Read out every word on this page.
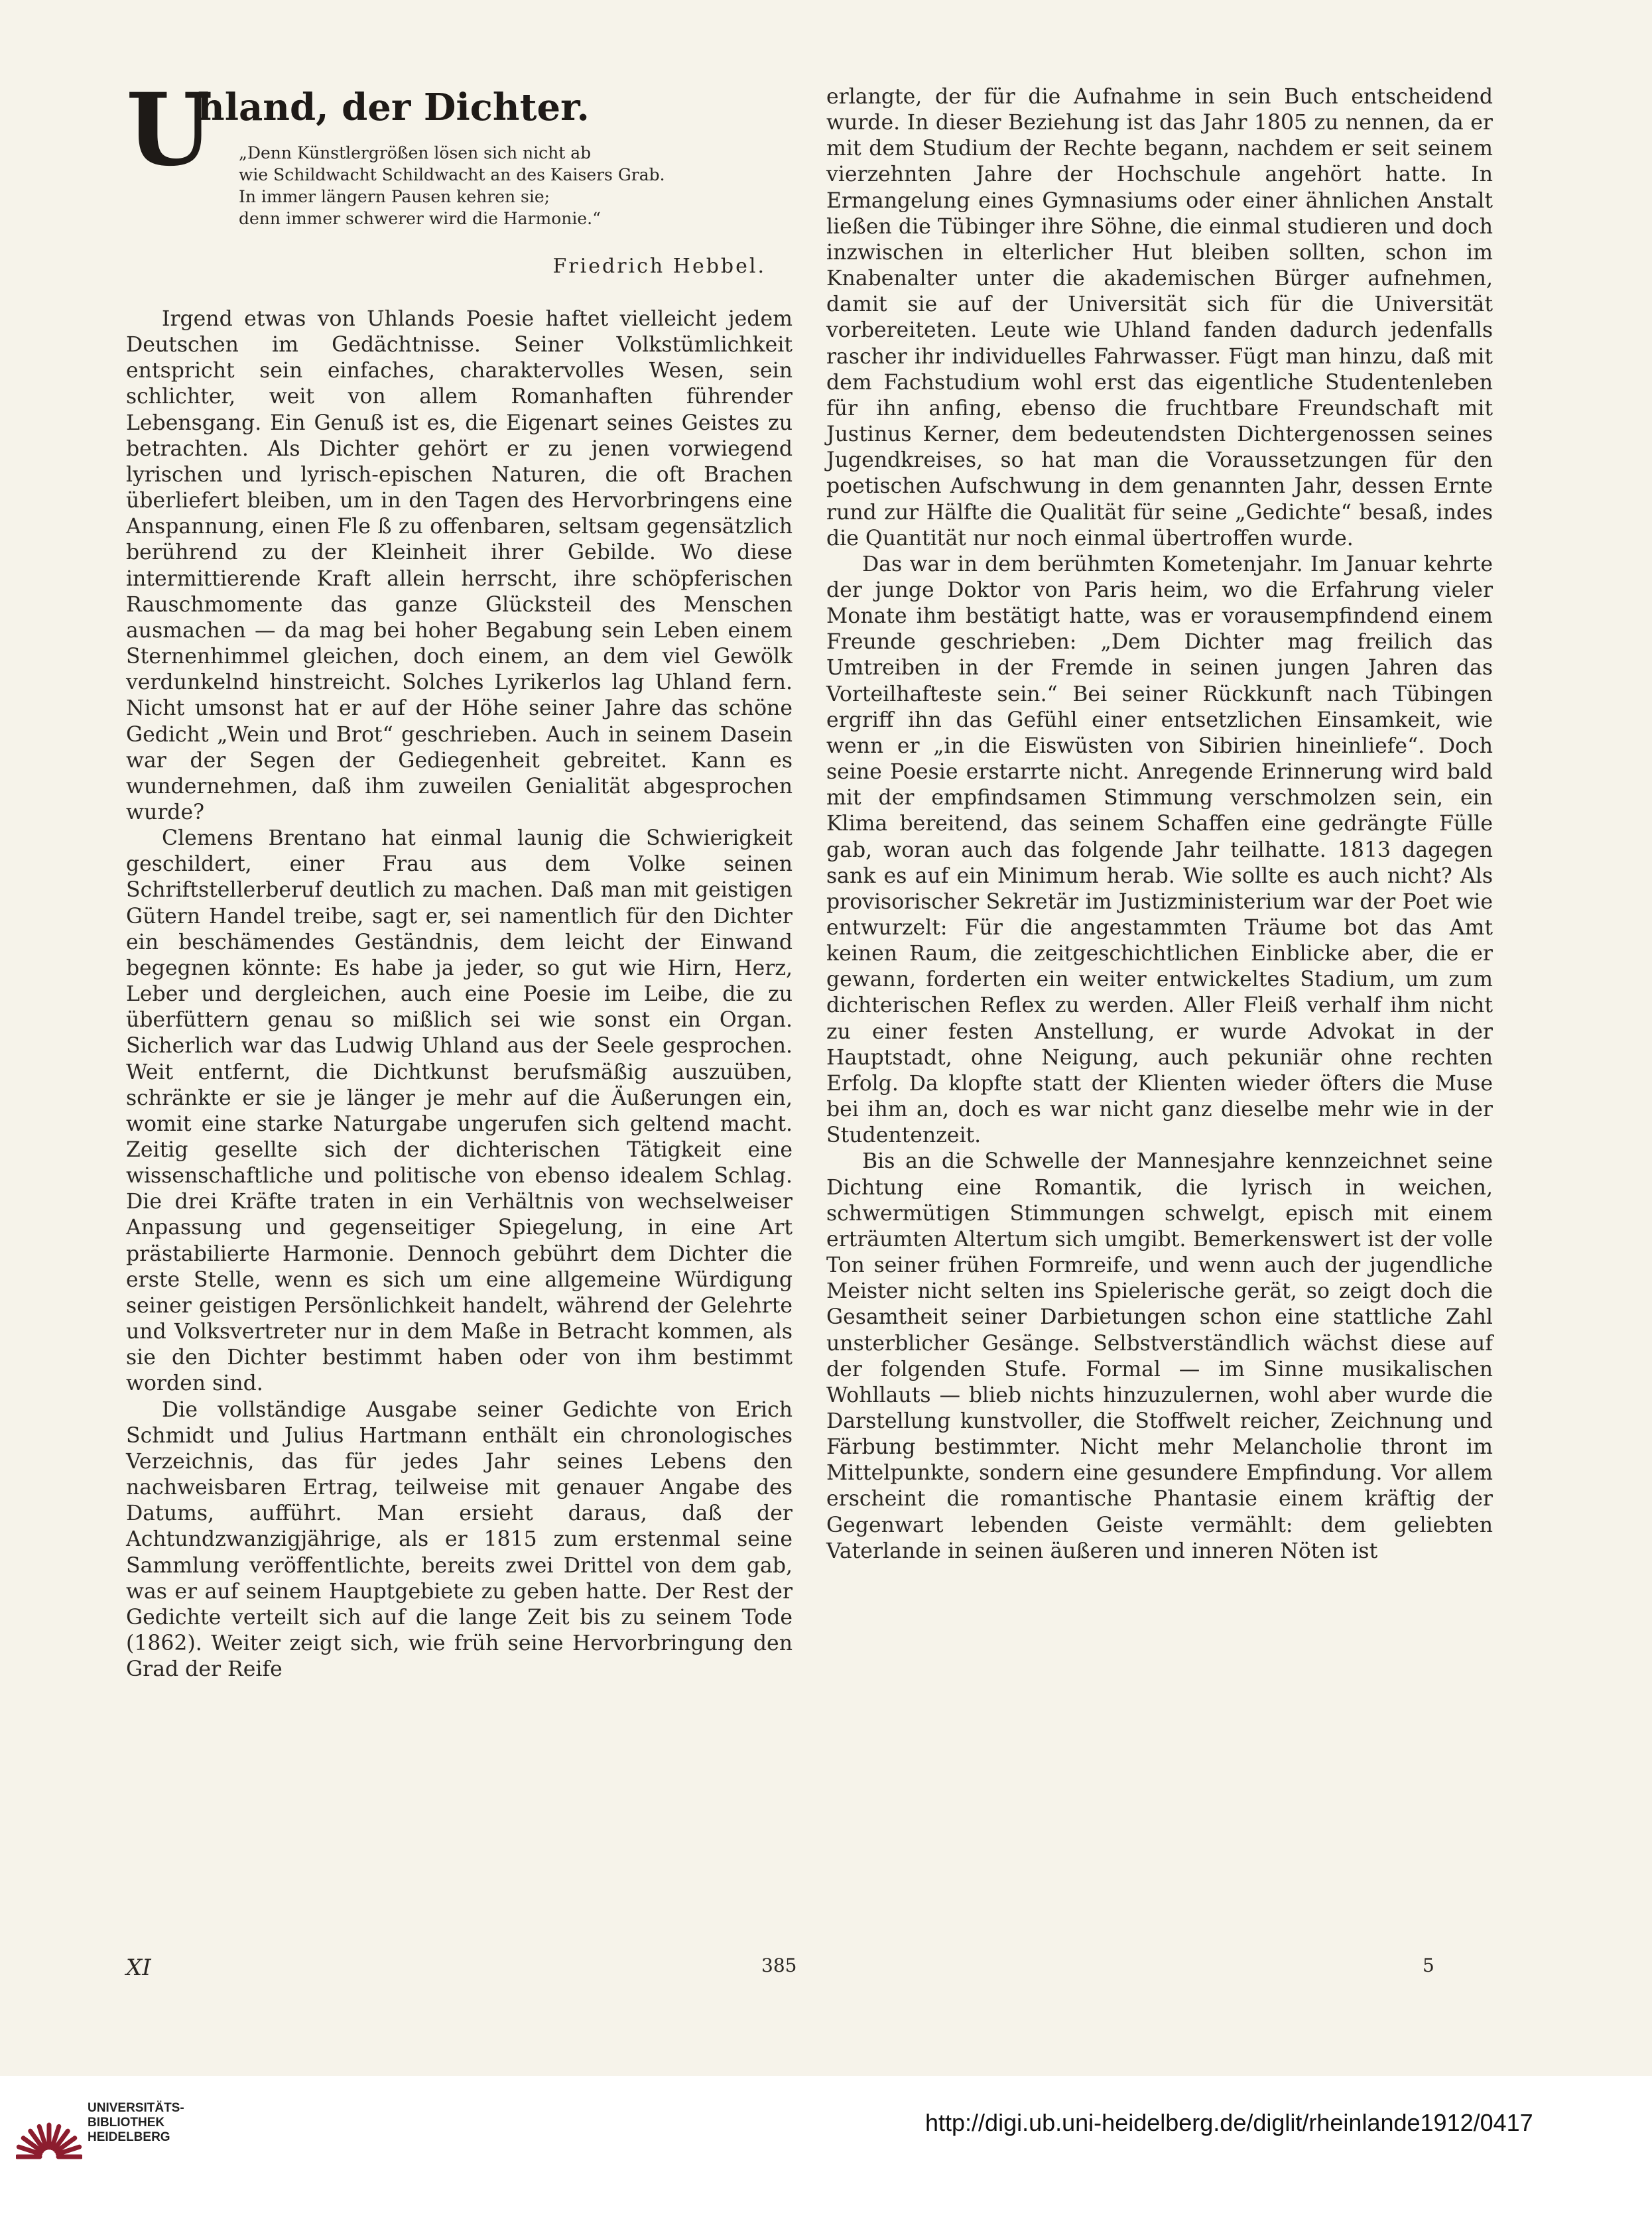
U
hland, der Dichter.
„Denn Künstlergrößen lösen sich nicht ab
wie Schildwacht Schildwacht an des Kaisers Grab.
In immer längern Pausen kehren sie;
denn immer schwerer wird die Harmonie.“
Friedrich Hebbel.

Irgend etwas von Uhlands Poesie haftet vielleicht jedem Deutschen im Gedächtnisse. Seiner Volkstümlichkeit entspricht sein einfaches, charaktervolles Wesen, sein schlichter, weit von allem Romanhaften führender Lebensgang. Ein Genuß ist es, die Eigenart seines Geistes zu betrachten. Als Dichter gehört er zu jenen vorwiegend lyrischen und lyrisch-epischen Naturen, die oft Brachen überliefert bleiben, um in den Tagen des Hervorbringens eine Anspannung, einen Fle ß zu offenbaren, seltsam gegensätzlich berührend zu der Kleinheit ihrer Gebilde. Wo diese intermittierende Kraft allein herrscht, ihre schöpferischen Rauschmomente das ganze Glücksteil des Menschen ausmachen — da mag bei hoher Begabung sein Leben einem Sternenhimmel gleichen, doch einem, an dem viel Gewölk verdunkelnd hinstreicht. Solches Lyrikerlos lag Uhland fern. Nicht umsonst hat er auf der Höhe seiner Jahre das schöne Gedicht „Wein und Brot“ geschrieben. Auch in seinem Dasein war der Segen der Gediegenheit gebreitet. Kann es wundernehmen, daß ihm zuweilen Genialität abgesprochen wurde?

Clemens Brentano hat einmal launig die Schwierigkeit geschildert, einer Frau aus dem Volke seinen Schriftstellerberuf deutlich zu machen. Daß man mit geistigen Gütern Handel treibe, sagt er, sei namentlich für den Dichter ein beschämendes Geständnis, dem leicht der Einwand begegnen könnte: Es habe ja jeder, so gut wie Hirn, Herz, Leber und dergleichen, auch eine Poesie im Leibe, die zu überfüttern genau so mißlich sei wie sonst ein Organ. Sicherlich war das Ludwig Uhland aus der Seele gesprochen. Weit entfernt, die Dichtkunst berufsmäßig auszuüben, schränkte er sie je länger je mehr auf die Äußerungen ein, womit eine starke Naturgabe ungerufen sich geltend macht. Zeitig gesellte sich der dichterischen Tätigkeit eine wissenschaftliche und politische von ebenso idealem Schlag. Die drei Kräfte traten in ein Verhältnis von wechselweiser Anpassung und gegenseitiger Spiegelung, in eine Art prästabilierte Harmonie. Dennoch gebührt dem Dichter die erste Stelle, wenn es sich um eine allgemeine Würdigung seiner geistigen Persönlichkeit handelt, während der Gelehrte und Volksvertreter nur in dem Maße in Betracht kommen, als sie den Dichter bestimmt haben oder von ihm bestimmt worden sind.

Die vollständige Ausgabe seiner Gedichte von Erich Schmidt und Julius Hartmann enthält ein chronologisches Verzeichnis, das für jedes Jahr seines Lebens den nachweisbaren Ertrag, teilweise mit genauer Angabe des Datums, aufführt. Man ersieht daraus, daß der Achtundzwanzigjährige, als er 1815 zum erstenmal seine Sammlung veröffentlichte, bereits zwei Drittel von dem gab, was er auf seinem Hauptgebiete zu geben hatte. Der Rest der Gedichte verteilt sich auf die lange Zeit bis zu seinem Tode (1862). Weiter zeigt sich, wie früh seine Hervorbringung den Grad der Reife

erlangte, der für die Aufnahme in sein Buch entscheidend wurde. In dieser Beziehung ist das Jahr 1805 zu nennen, da er mit dem Studium der Rechte begann, nachdem er seit seinem vierzehnten Jahre der Hochschule angehört hatte. In Ermangelung eines Gymnasiums oder einer ähnlichen Anstalt ließen die Tübinger ihre Söhne, die einmal studieren und doch inzwischen in elterlicher Hut bleiben sollten, schon im Knabenalter unter die akademischen Bürger aufnehmen, damit sie auf der Universität sich für die Universität vorbereiteten. Leute wie Uhland fanden dadurch jedenfalls rascher ihr individuelles Fahrwasser. Fügt man hinzu, daß mit dem Fachstudium wohl erst das eigentliche Studentenleben für ihn anfing, ebenso die fruchtbare Freundschaft mit Justinus Kerner, dem bedeutendsten Dichtergenossen seines Jugendkreises, so hat man die Voraussetzungen für den poetischen Aufschwung in dem genannten Jahr, dessen Ernte rund zur Hälfte die Qualität für seine „Gedichte“ besaß, indes die Quantität nur noch einmal übertroffen wurde.

Das war in dem berühmten Kometenjahr. Im Januar kehrte der junge Doktor von Paris heim, wo die Erfahrung vieler Monate ihm bestätigt hatte, was er vorausempfindend einem Freunde geschrieben: „Dem Dichter mag freilich das Umtreiben in der Fremde in seinen jungen Jahren das Vorteilhafteste sein.“ Bei seiner Rückkunft nach Tübingen ergriff ihn das Gefühl einer entsetzlichen Einsamkeit, wie wenn er „in die Eiswüsten von Sibirien hineinliefe“. Doch seine Poesie erstarrte nicht. Anregende Erinnerung wird bald mit der empfindsamen Stimmung verschmolzen sein, ein Klima bereitend, das seinem Schaffen eine gedrängte Fülle gab, woran auch das folgende Jahr teilhatte. 1813 dagegen sank es auf ein Minimum herab. Wie sollte es auch nicht? Als provisorischer Sekretär im Justizministerium war der Poet wie entwurzelt: Für die angestammten Träume bot das Amt keinen Raum, die zeitgeschichtlichen Einblicke aber, die er gewann, forderten ein weiter entwickeltes Stadium, um zum dichterischen Reflex zu werden. Aller Fleiß verhalf ihm nicht zu einer festen Anstellung, er wurde Advokat in der Hauptstadt, ohne Neigung, auch pekuniär ohne rechten Erfolg. Da klopfte statt der Klienten wieder öfters die Muse bei ihm an, doch es war nicht ganz dieselbe mehr wie in der Studentenzeit.

Bis an die Schwelle der Mannesjahre kennzeichnet seine Dichtung eine Romantik, die lyrisch in weichen, schwermütigen Stimmungen schwelgt, episch mit einem erträumten Altertum sich umgibt. Bemerkenswert ist der volle Ton seiner frühen Formreife, und wenn auch der jugendliche Meister nicht selten ins Spielerische gerät, so zeigt doch die Gesamtheit seiner Darbietungen schon eine stattliche Zahl unsterblicher Gesänge. Selbstverständlich wächst diese auf der folgenden Stufe. Formal — im Sinne musikalischen Wohllauts — blieb nichts hinzuzulernen, wohl aber wurde die Darstellung kunstvoller, die Stoffwelt reicher, Zeichnung und Färbung bestimmter. Nicht mehr Melancholie thront im Mittelpunkte, sondern eine gesundere Empfindung. Vor allem erscheint die romantische Phantasie einem kräftig der Gegenwart lebenden Geiste vermählt: dem geliebten Vaterlande in seinen äußeren und inneren Nöten ist

XI	385	5
UNIVERSITÄTS-
BIBLIOTHEK
HEIDELBERG
http://digi.ub.uni-heidelberg.de/diglit/rheinlande1912/0417
